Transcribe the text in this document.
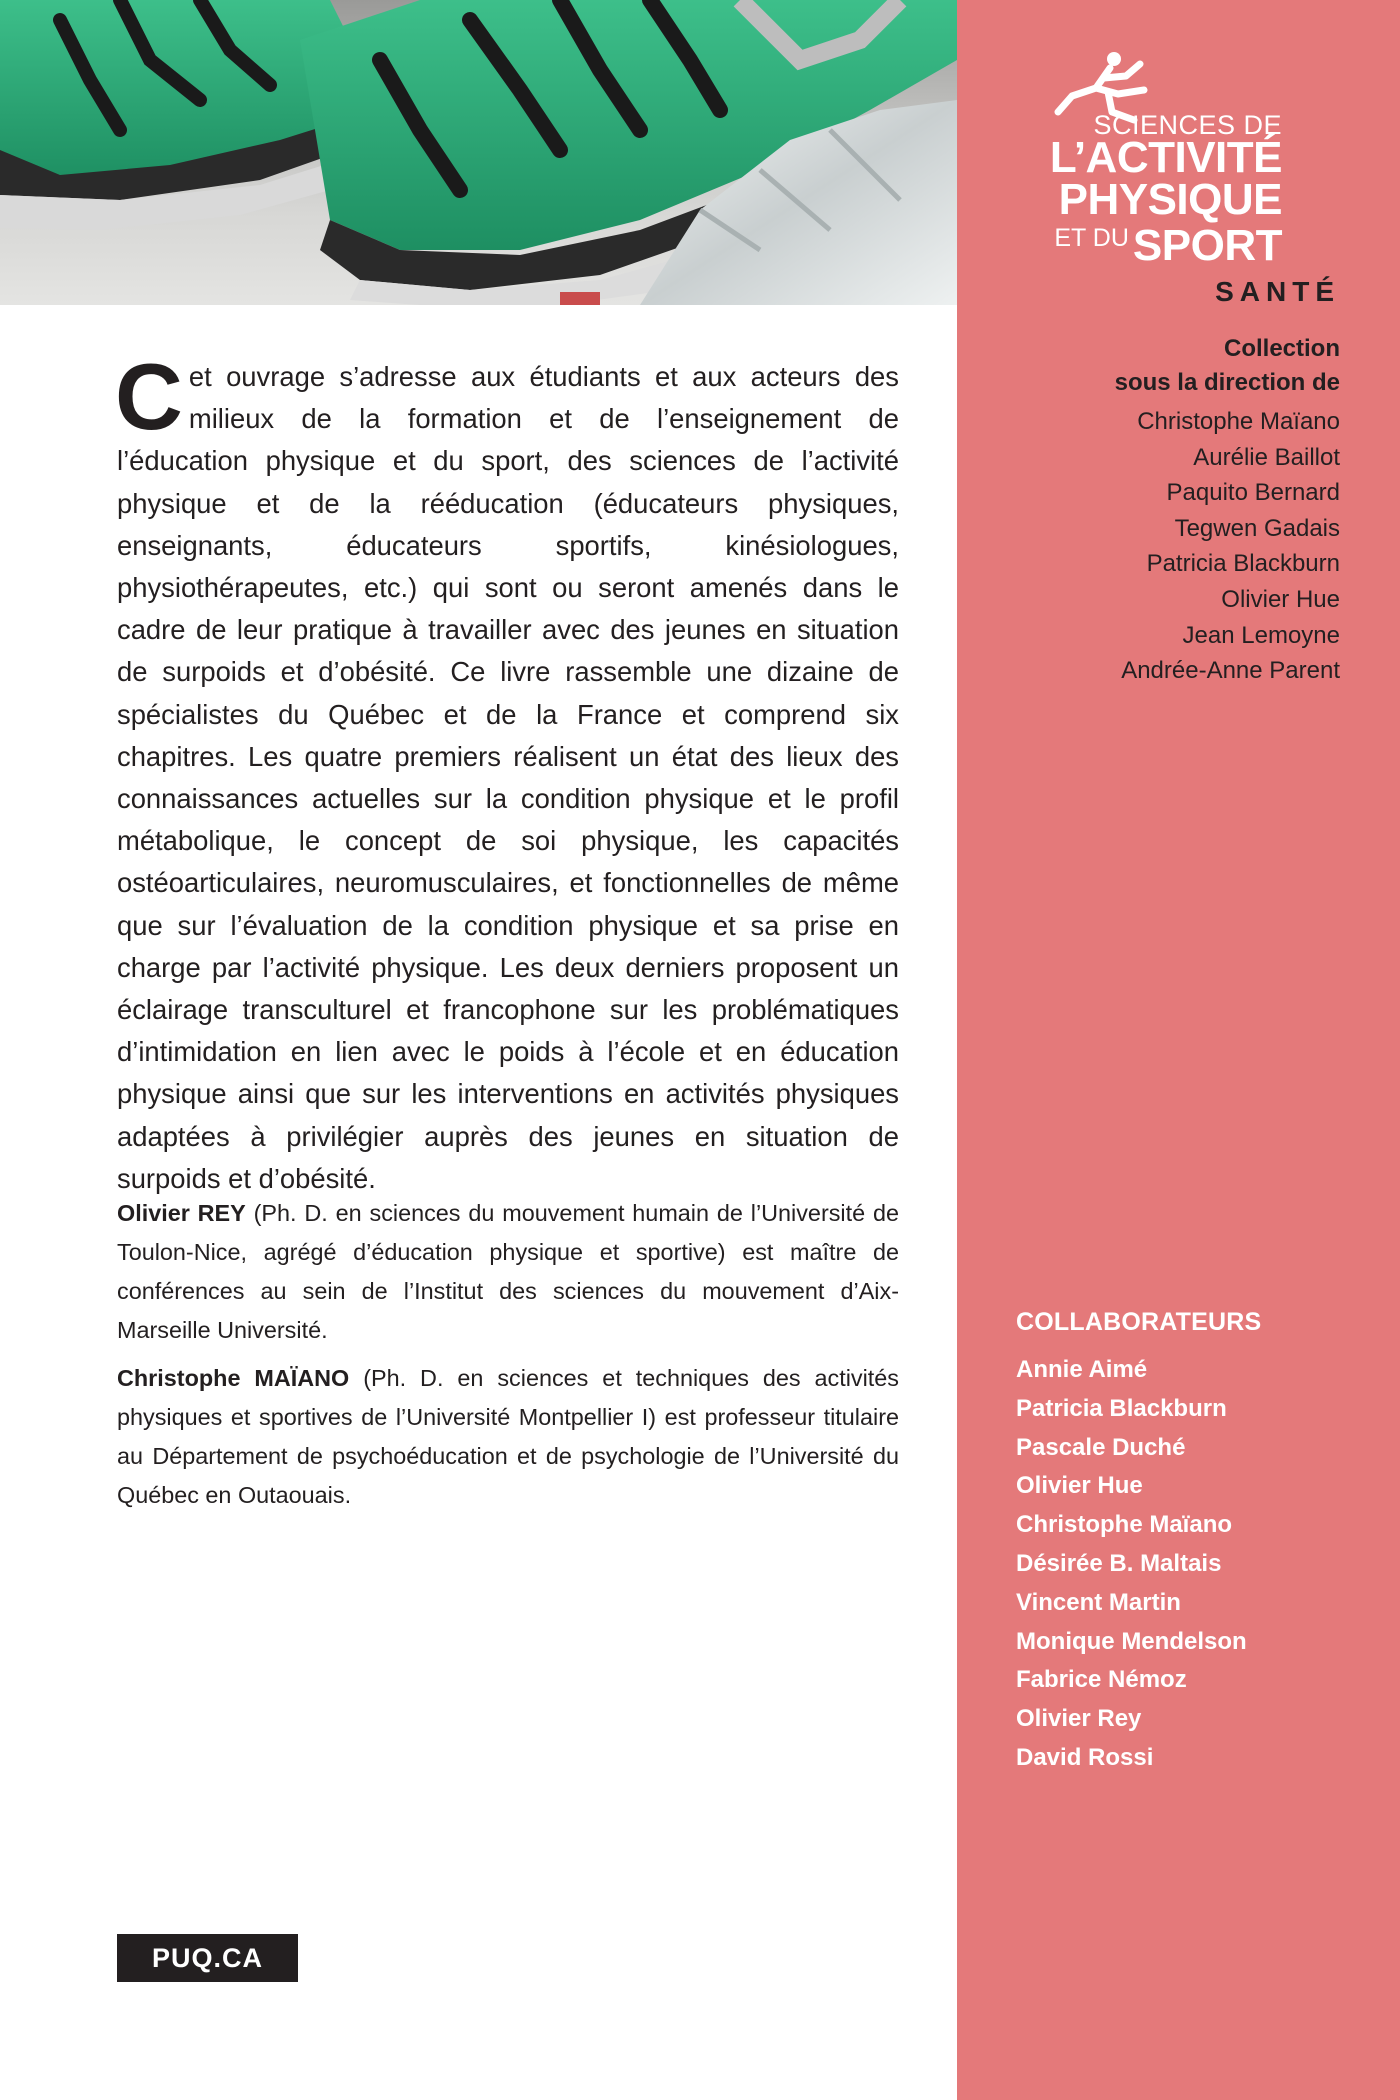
SCIENCES DE
L’ACTIVITÉ
PHYSIQUE
ET DUSPORT
SANTÉ
Collection
sous la direction de
Christophe Maïano
Aurélie Baillot
Paquito Bernard
Tegwen Gadais
Patricia Blackburn
Olivier Hue
Jean Lemoyne
Andrée-Anne Parent
COLLABORATEURS
Annie Aimé
Patricia Blackburn
Pascale Duché
Olivier Hue
Christophe Maïano
Désirée B. Maltais
Vincent Martin
Monique Mendelson
Fabrice Némoz
Olivier Rey
David Rossi
Cet ouvrage s’adresse aux étudiants et aux acteurs des milieux de la formation et de l’enseignement de l’éducation physique et du sport, des sciences de l’activité physique et de la rééducation (éducateurs physiques, enseignants, éducateurs sportifs, kinésiologues, physiothérapeutes, etc.) qui sont ou seront amenés dans le cadre de leur pratique à travailler avec des jeunes en situation de surpoids et d’obésité. Ce livre rassemble une dizaine de spécialistes du Québec et de la France et comprend six chapitres. Les quatre premiers réalisent un état des lieux des connaissances actuelles sur la condition physique et le profil métabolique, le concept de soi physique, les capacités ostéoarticulaires, neuromusculaires, et fonctionnelles de même que sur l’évaluation de la condition physique et sa prise en charge par l’activité physique. Les deux derniers proposent un éclairage transculturel et francophone sur les problématiques d’intimidation en lien avec le poids à l’école et en éducation physique ainsi que sur les interventions en activités physiques adaptées à privilégier auprès des jeunes en situation de surpoids et d’obésité.

Olivier REY (Ph. D. en sciences du mouvement humain de l’Université de Toulon-Nice, agrégé d’éducation physique et sportive) est maître de conférences au sein de l’Institut des sciences du mouvement d’Aix-Marseille Université.

Christophe MAÏANO (Ph. D. en sciences et techniques des activités physiques et sportives de l’Université Montpellier I) est professeur titulaire au Département de psychoéducation et de psychologie de l’Université du Québec en Outaouais.

PUQ.CA
